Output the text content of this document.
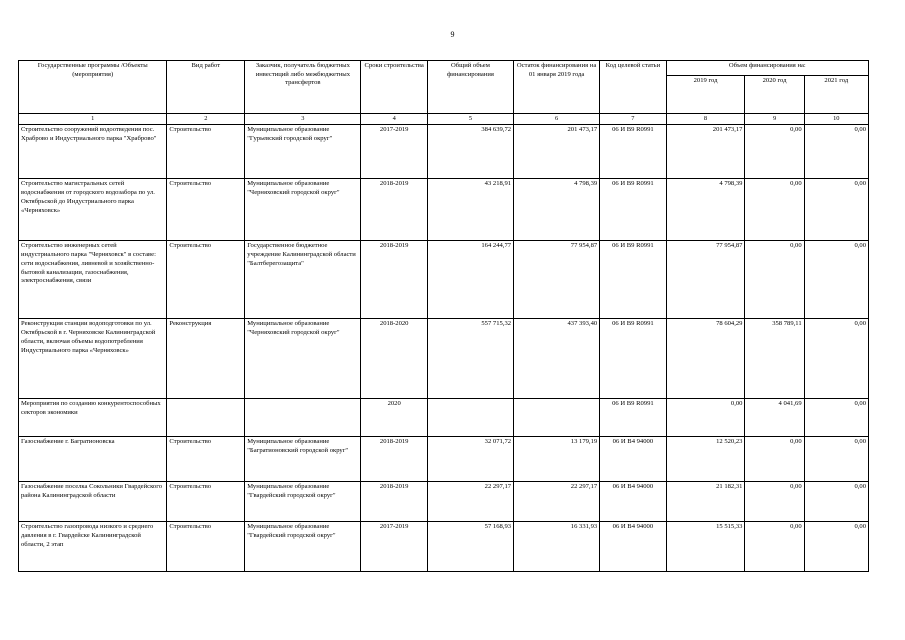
9
Государственные программы /Объекты (мероприятия)	Вид работ	Заказчик, получатель бюджетных инвестиций либо межбюджетных трансфертов	Сроки строительства	Общий объем финансирования	Остаток финансирования на 01 января 2019 года	Код целевой статьи	Объем финансирования на:		
							2019 год	2020 год	2021 год
1	2	3	4	5	6	7	8	9	10
Строительство сооружений водоотведения пос. Храброво и Индустриального парка "Храброво"	Строительство	Муниципальное образование "Гурьевский городской округ"	2017-2019	384 639,72	201 473,17	06 И В9 R0991	201 473,17	0,00	0,00
Строительство магистральных сетей водоснабжения от городского водозабора по ул. Октябрьской до Индустриального парка «Черняховск»	Строительство	Муниципальное образование "Черняховский городской округ"	2018-2019	43 218,91	4 798,39	06 И В9 R0991	4 798,39	0,00	0,00
Строительство инженерных сетей индустриального парка "Черняховск" в составе: сети водоснабжения, ливневой и хозяйственно-бытовой канализации, газоснабжения, электроснабжения, связи	Строительство	Государственное бюджетное учреждение Калининградской области "Балтберегозащита"	2018-2019	164 244,77	77 954,87	06 И В9 R0991	77 954,87	0,00	0,00
Реконструкция станции водоподготовки по ул. Октябрьской в г. Черняховске Калининградской области, включая объемы водопотребления Индустриального парка «Черняховск»	Реконструкция	Муниципальное образование "Черняховский городской округ"	2018-2020	557 715,32	437 393,40	06 И В9 R0991	78 604,29	358 789,11	0,00
Мероприятия по созданию конкурентоспособных секторов экономики			2020			06 И В9 R0991	0,00	4 041,69	0,00
Газоснабжение г. Багратионовска	Строительство	Муниципальное образование "Багратионовский городской округ"	2018-2019	32 071,72	13 179,19	06 И В4 94000	12 520,23	0,00	0,00
Газоснабжение поселка Сокольники Гвардейского района Калининградской области	Строительство	Муниципальное образование "Гвардейский городской округ"	2018-2019	22 297,17	22 297,17	06 И В4 94000	21 182,31	0,00	0,00
Строительство газопровода низкого и среднего давления в г. Гвардейске Калининградской области, 2 этап	Строительство	Муниципальное образование "Гвардейский городской округ"	2017-2019	57 168,93	16 331,93	06 И В4 94000	15 515,33	0,00	0,00
